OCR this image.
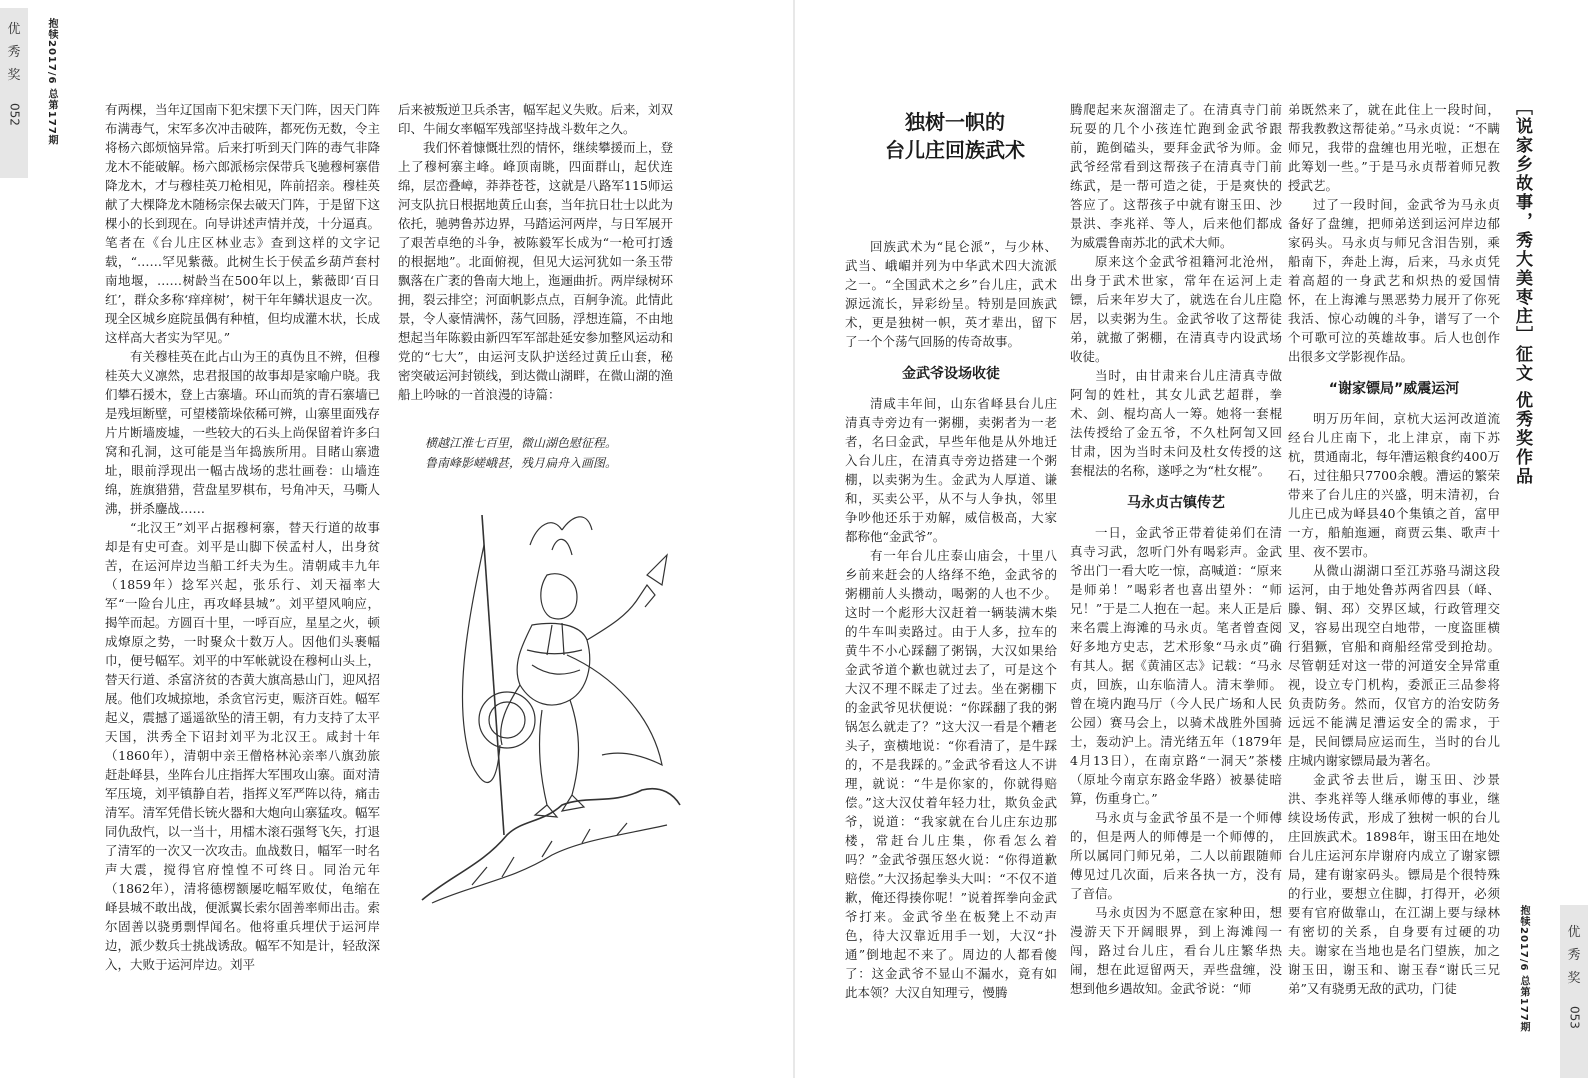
优
秀
奖
052 抱犊2017/6 总第177期	有两棵，当年辽国南下犯宋摆下天门阵，因天门阵布满毒气，宋军多次冲击破阵，都死伤无数，令主将杨六郎烦恼异常。后来打听到天门阵的毒气非降龙木不能破解。杨六郎派杨宗保带兵飞驰穆柯寨借降龙木，才与穆桂英刀枪相见，阵前招亲。穆桂英献了大棵降龙木随杨宗保去破天门阵，于是留下这棵小的长到现在。向导讲述声情并茂，十分逼真。笔者在《台儿庄区林业志》查到这样的文字记载，“……罕见紫薇。此树生长于侯孟乡葫芦套村南地堰，……树龄当在500年以上，紫薇即‘百日红’，群众多称‘痒痒树’，树干年年鳞状退皮一次。现全区城乡庭院虽偶有种植，但均成灌木状，长成这样高大者实为罕见。”

有关穆桂英在此占山为王的真伪且不辨，但穆桂英大义凛然，忠君报国的故事却是家喻户晓。我们攀石援木，登上古寨墙。环山而筑的青石寨墙已是残垣断壁，可望楼箭垛依稀可辨，山寨里面残存片片断墙废墟，一些较大的石头上尚保留着许多臼窝和孔洞，这可能是当年捣族所用。目睹山寨遗址，眼前浮现出一幅古战场的悲壮画卷：山墙连绵，旌旗猎猎，营盘星罗棋布，号角冲天，马嘶人沸，拼杀鏖战……

“北汉王”刘平占据穆柯寨，替天行道的故事却是有史可查。刘平是山脚下侯孟村人，出身贫苦，在运河岸边当船工纤夫为生。清朝咸丰九年（1859年）捻军兴起，张乐行、刘天福率大军“一险台儿庄，再攻峄县城”。刘平望风响应，揭竿而起。方圆百十里，一呼百应，星星之火，顿成燎原之势，一时聚众十数万人。因他们头裹幅巾，便号幅军。刘平的中军帐就设在穆柯山头上，替天行道、杀富济贫的杏黄大旗高悬山门，迎风招展。他们攻城掠地，杀贪官污吏，赈济百姓。幅军起义，震撼了遥遥欲坠的清王朝，有力支持了太平天国，洪秀全下诏封刘平为北汉王。咸封十年（1860年），清朝中亲王僧格林沁亲率八旗劲旅赶赴峄县，坐阵台儿庄指挥大军围攻山寨。面对清军压境，刘平镇静自若，指挥义军严阵以待，痛击清军。清军凭借长铳火器和大炮向山寨猛攻。幅军同仇敌忾，以一当十，用檑木滚石强弩飞矢，打退了清军的一次又一次攻击。血战数日，幅军一时名声大震，搅得官府惶惶不可终日。同治元年（1862年），清将德楞额屡吃幅军败仗，龟缩在峄县城不敢出战，便派翼长索尔固善率师出击。索尔固善以骁勇剽悍闻名。他将重兵埋伏于运河岸边，派少数兵士挑战诱敌。幅军不知是计，轻敌深入，大败于运河岸边。刘平

后来被叛逆卫兵杀害，幅军起义失败。后来，刘双印、牛闹女率幅军残部坚持战斗数年之久。

我们怀着慷慨壮烈的情怀，继续攀援而上，登上了穆柯寨主峰。峰顶南眺，四面群山，起伏连绵，层峦叠嶂，莽莽苍苍，这就是八路军115师运河支队抗日根据地黄丘山套，当年抗日壮士以此为依托，驰骋鲁苏边界，马踏运河两岸，与日军展开了艰苦卓绝的斗争，被陈毅军长成为“一枪可打透的根据地”。北面俯视，但见大运河犹如一条玉带飘落在广袤的鲁南大地上，迤逦曲折。两岸绿树环拥，裂云排空；河面帆影点点，百舸争流。此情此景，令人豪情满怀，荡气回肠，浮想连篇，不由地想起当年陈毅由新四军军部赴延安参加整风运动和党的“七大”，由运河支队护送经过黄丘山套，秘密突破运河封锁线，到达微山湖畔，在微山湖的渔船上吟咏的一首浪漫的诗篇：

横越江淮七百里，微山湖色慰征程。
鲁南峰影嵯峨甚，残月扁舟入画图。
优
秀
奖
053
抱犊2017/6 总第177期
［说家乡故事，秀大美枣庄］征文 优秀奖作品
独树一帜的
台儿庄回族武术

回族武术为“昆仑派”，与少林、武当、峨嵋并列为中华武术四大流派之一。“全国武术之乡”台儿庄，武术源远流长，异彩纷呈。特别是回族武术，更是独树一帜，英才辈出，留下了一个个荡气回肠的传奇故事。

金武爷设场收徒

清咸丰年间，山东省峄县台儿庄清真寺旁边有一粥棚，卖粥者为一老者，名曰金武，早些年他是从外地迁入台儿庄，在清真寺旁边搭建一个粥棚，以卖粥为生。金武为人厚道、谦和，买卖公平，从不与人争执，邻里争吵他还乐于劝解，威信极高，大家都称他“金武爷”。

有一年台儿庄泰山庙会，十里八乡前来赶会的人络绎不绝，金武爷的粥棚前人头攒动，喝粥的人也不少。这时一个彪形大汉赶着一辆装满木柴的牛车叫卖路过。由于人多，拉车的黄牛不小心踩翻了粥锅，大汉如果给金武爷道个歉也就过去了，可是这个大汉不理不睬走了过去。坐在粥棚下的金武爷见状便说：“你踩翻了我的粥锅怎么就走了？”这大汉一看是个糟老头子，蛮横地说：“你看清了，是牛踩的，不是我踩的。”金武爷看这人不讲理，就说：“牛是你家的，你就得赔偿。”这大汉仗着年轻力壮，欺负金武爷，说道：“我家就在台儿庄东边那楼，常赶台儿庄集，你看怎么着吗？”金武爷强压怒火说：“你得道歉赔偿。”大汉扬起拳头大叫：“不仅不道歉，俺还得揍你呢！”说着挥拳向金武爷打来。金武爷坐在板凳上不动声色，待大汉靠近用手一划，大汉“扑通”倒地起不来了。周边的人都看傻了：这金武爷不显山不漏水，竟有如此本领？大汉自知理亏，慢腾

腾爬起来灰溜溜走了。在清真寺门前玩耍的几个小孩连忙跑到金武爷跟前，跪倒磕头，要拜金武爷为师。金武爷经常看到这帮孩子在清真寺门前练武，是一帮可造之徒，于是爽快的答应了。这帮孩子中就有谢玉田、沙景洪、李兆祥、等人，后来他们都成为威震鲁南苏北的武术大师。

原来这个金武爷祖籍河北沧州，出身于武术世家，常年在运河上走镖，后来年岁大了，就选在台儿庄隐居，以卖粥为生。金武爷收了这帮徒弟，就撤了粥棚，在清真寺内设武场收徒。

当时，由甘肃来台儿庄清真寺做阿訇的姓杜，其女儿武艺超群，拳术、剑、棍均高人一筹。她将一套棍法传授给了金五爷，不久杜阿訇又回甘肃，因为当时未问及杜女传授的这套棍法的名称，遂呼之为“杜女棍”。

马永贞古镇传艺

一日，金武爷正带着徒弟们在清真寺习武，忽听门外有喝彩声。金武爷出门一看大吃一惊，高喊道：“原来是师弟！”喝彩者也喜出望外：“师兄！”于是二人抱在一起。来人正是后来名震上海滩的马永贞。笔者曾查阅好多地方史志，艺术形象“马永贞”确有其人。据《黄浦区志》记载：“马永贞，回族，山东临清人。清末拳师。曾在境内跑马厅（今人民广场和人民公园）赛马会上，以骑术战胜外国骑士，轰动沪上。清光绪五年（1879年4月13日），在南京路“一洞天”茶楼（原址今南京东路金华路）被暴徒暗算，伤重身亡。”

马永贞与金武爷虽不是一个师傅的，但是两人的师傅是一个师傅的，所以属同门师兄弟，二人以前跟随师傅见过几次面，后来各执一方，没有了音信。

马永贞因为不愿意在家种田，想漫游天下开阔眼界，到上海滩闯一闯，路过台儿庄，看台儿庄繁华热闹，想在此逗留两天，弄些盘缠，没想到他乡遇故知。金武爷说：“师

弟既然来了，就在此住上一段时间，帮我教教这帮徒弟。”马永贞说：“不瞒师兄，我带的盘缠也用光啦，正想在此筹划一些。”于是马永贞帮着师兄教授武艺。

过了一段时间，金武爷为马永贞备好了盘缠，把师弟送到运河岸边郁家码头。马永贞与师兄含泪告别，乘船南下，奔赴上海，后来，马永贞凭着高超的一身武艺和炽热的爱国情怀，在上海滩与黑恶势力展开了你死我活、惊心动魄的斗争，谱写了一个个可歌可泣的英雄故事。后人也创作出很多文学影视作品。

“谢家镖局”威震运河

明万历年间，京杭大运河改道流经台儿庄南下，北上津京，南下苏杭，贯通南北，每年漕运粮食约400万石，过往船只7700余艘。漕运的繁荣带来了台儿庄的兴盛，明末清初，台儿庄已成为峄县40个集镇之首，富甲一方，船舶迤逦，商贾云集、歌声十里、夜不罢市。

从微山湖湖口至江苏骆马湖这段运河，由于地处鲁苏两省四县（峄、滕、铜、邳）交界区域，行政管理交叉，容易出现空白地带，一度盗匪横行猖獗，官船和商船经常受到抢劫。尽管朝廷对这一带的河道安全异常重视，设立专门机构，委派正三品参将负责防务。然而，仅官方的治安防务远远不能满足漕运安全的需求，于是，民间镖局应运而生，当时的台儿庄城内谢家镖局最为著名。

金武爷去世后，谢玉田、沙景洪、李兆祥等人继承师傅的事业，继续设场传武，形成了独树一帜的台儿庄回族武术。1898年，谢玉田在地处台儿庄运河东岸谢府内成立了谢家镖局，建有谢家码头。镖局是个很特殊的行业，要想立住脚，打得开，必须要有官府做靠山，在江湖上要与绿林有密切的关系，自身要有过硬的功夫。谢家在当地也是名门望族，加之谢玉田，谢玉和、谢玉春“谢氏三兄弟”又有骁勇无敌的武功，门徒
